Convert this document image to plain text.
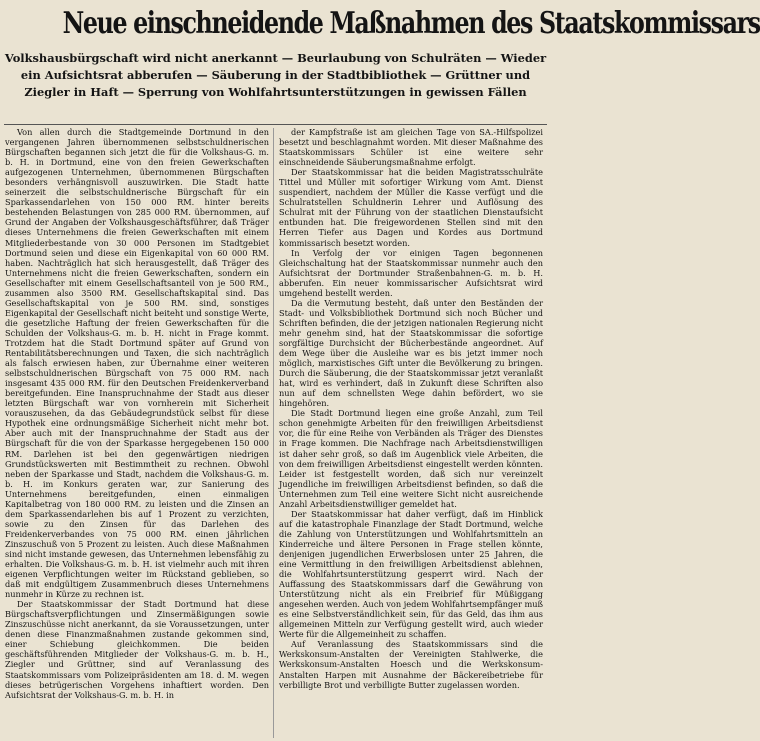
Neue einschneidende Maßnahmen des Staatskommissars
Volkshausbürgschaft wird nicht anerkannt — Beurlaubung von Schulräten — Wieder ein Aufsichtsrat abberufen — Säuberung in der Stadtbibliothek — Grüttner und Ziegler in Haft — Sperrung von Wohlfahrtsunterstützungen in gewissen Fällen

Von allen durch die Stadtgemeinde Dortmund in den vergangenen Jahren übernommenen selbstschuldnerischen Bürgschaften begannen sich jetzt die für die Volkshaus-G. m. b. H. in Dortmund, eine von den freien Gewerkschaften aufgezogenen Unternehmen, übernommenen Bürgschaften besonders verhängnisvoll auszuwirken. Die Stadt hatte seinerzeit die selbstschuldnerische Bürgschaft für ein Sparkassendarlehen von 150 000 RM. hinter bereits bestehenden Belastungen von 285 000 RM. übernommen, auf Grund der Angaben der Volkshausgeschäftsführer, daß Träger dieses Unternehmens die freien Gewerkschaften mit einem Mitgliederbestande von 30 000 Personen im Stadtgebiet Dortmund seien und diese ein Eigenkapital von 60 000 RM. haben. Nachträglich hat sich herausgestellt, daß Träger des Unternehmens nicht die freien Gewerkschaften, sondern ein Gesellschafter mit einem Gesellschaftsanteil von je 500 RM., zusammen also 3500 RM. Gesellschaftskapital sind. Das Gesellschaftskapital von je 500 RM. sind, sonstiges Eigenkapital der Gesellschaft nicht beiteht und sonstige Werte, die gesetzliche Haftung der freien Gewerkschaften für die Schulden der Volkshaus-G. m. b. H. nicht in Frage kommt. Trotzdem hat die Stadt Dortmund später auf Grund von Rentabilitätsberechnungen und Taxen, die sich nachträglich als falsch erwiesen haben, zur Übernahme einer weiteren selbstschuldnerischen Bürgschaft von 75 000 RM. nach insgesamt 435 000 RM. für den Deutschen Freidenkerverband bereitgefunden. Eine Inanspruchnahme der Stadt aus dieser letzten Bürgschaft war von vornherein mit Sicherheit vorauszusehen, da das Gebäudegrundstück selbst für diese Hypothek eine ordnungsmäßige Sicherheit nicht mehr bot. Aber auch mit der Inanspruchnahme der Stadt aus der Bürgschaft für die von der Sparkasse hergegebenen 150 000 RM. Darlehen ist bei den gegenwärtigen niedrigen Grundstückswerten mit Bestimmtheit zu rechnen. Obwohl neben der Sparkasse und Stadt, nachdem die Volkshaus-G. m. b. H. im Konkurs geraten war, zur Sanierung des Unternehmens bereitgefunden, einen einmaligen Kapitalbetrag von 180 000 RM. zu leisten und die Zinsen an dem Sparkassendarlehen bis auf 1 Prozent zu verzichten, sowie zu den Zinsen für das Darlehen des Freidenkerverbandes von 75 000 RM. einen jährlichen Zinszuschuß von 5 Prozent zu leisten. Auch diese Maßnahmen sind nicht imstande gewesen, das Unternehmen lebensfähig zu erhalten. Die Volkshaus-G. m. b. H. ist vielmehr auch mit ihren eigenen Verpflichtungen weiter im Rückstand geblieben, so daß mit endgültigem Zusammenbruch dieses Unternehmens nunmehr in Kürze zu rechnen ist.

Der Staatskommissar der Stadt Dortmund hat diese Bürgschaftsverpflichtungen und Zinsermäßigungen sowie Zinszuschüsse nicht anerkannt, da sie Voraussetzungen, unter denen diese Finanzmaßnahmen zustande gekommen sind, einer Schiebung gleichkommen. Die beiden geschäftsführenden Mitglieder der Volkshaus-G. m. b. H., Ziegler und Grüttner, sind auf Veranlassung des Staatskommissars vom Polizeipräsidenten am 18. d. M. wegen dieses betrügerischen Vorgehens inhaftiert worden. Den Aufsichtsrat der Volkshaus-G. m. b. H. in

der Kampfstraße ist am gleichen Tage von SA.-Hilfspolizei besetzt und beschlagnahmt worden. Mit dieser Maßnahme des Staatskommissars Schüler ist eine weitere sehr einschneidende Säuberungsmaßnahme erfolgt.

Der Staatskommissar hat die beiden Magistratsschulräte Tittel und Müller mit sofortiger Wirkung vom Amt. Dienst suspendiert, nachdem der Müller die Kasse verfügt und die Schulratstellen Schuldnerin Lehrer und Auflösung des Schulrat mit der Führung von der staatlichen Dienstaufsicht entbunden hat. Die freigewordenen Stellen sind mit den Herren Tiefer aus Dagen und Kordes aus Dortmund kommissarisch besetzt worden.

In Verfolg der vor einigen Tagen begonnenen Gleichschaltung hat der Staatskommissar nunmehr auch den Aufsichtsrat der Dortmunder Straßenbahnen-G. m. b. H. abberufen. Ein neuer kommissarischer Aufsichtsrat wird umgehend bestellt werden.

Da die Vermutung besteht, daß unter den Beständen der Stadt- und Volksbibliothek Dortmund sich noch Bücher und Schriften befinden, die der jetzigen nationalen Regierung nicht mehr genehm sind, hat der Staatskommissar die sofortige sorgfältige Durchsicht der Bücherbestände angeordnet. Auf dem Wege über die Ausleihe war es bis jetzt immer noch möglich, marxistisches Gift unter die Bevölkerung zu bringen. Durch die Säuberung, die der Staatskommissar jetzt veranlaßt hat, wird es verhindert, daß in Zukunft diese Schriften also nun auf dem schnellsten Wege dahin befördert, wo sie hingehören.

Die Stadt Dortmund liegen eine große Anzahl, zum Teil schon genehmigte Arbeiten für den freiwilligen Arbeitsdienst vor, die für eine Reihe von Verbänden als Träger des Dienstes in Frage kommen. Die Nachfrage nach Arbeitsdienstwilligen ist daher sehr groß, so daß im Augenblick viele Arbeiten, die von dem freiwilligen Arbeitsdienst eingestellt werden könnten. Leider ist festgestellt worden, daß sich nur vereinzelt Jugendliche im freiwilligen Arbeitsdienst befinden, so daß die Unternehmen zum Teil eine weitere Sicht nicht ausreichende Anzahl Arbeitsdienstwilliger gemeldet hat.

Der Staatskommissar hat daher verfügt, daß im Hinblick auf die katastrophale Finanzlage der Stadt Dortmund, welche die Zahlung von Unterstützungen und Wohlfahrtsmitteln an Kinderreiche und ältere Personen in Frage stellen könnte, denjenigen jugendlichen Erwerbslosen unter 25 Jahren, die eine Vermittlung in den freiwilligen Arbeitsdienst ablehnen, die Wohlfahrtsunterstützung gesperrt wird. Nach der Auffassung des Staatskommissars darf die Gewährung von Unterstützung nicht als ein Freibrief für Müßiggang angesehen werden. Auch von jedem Wohlfahrtsempfänger muß es eine Selbstverständlichkeit sein, für das Geld, das ihm aus allgemeinen Mitteln zur Verfügung gestellt wird, auch wieder Werte für die Allgemeinheit zu schaffen.

Auf Veranlassung des Staatskommissars sind die Werkskonsum-Anstalten der Vereinigten Stahlwerke, die Werkskonsum-Anstalten Hoesch und die Werkskonsum-Anstalten Harpen mit Ausnahme der Bäckereibetriebe für verbilligte Brot und verbilligte Butter zugelassen worden.
